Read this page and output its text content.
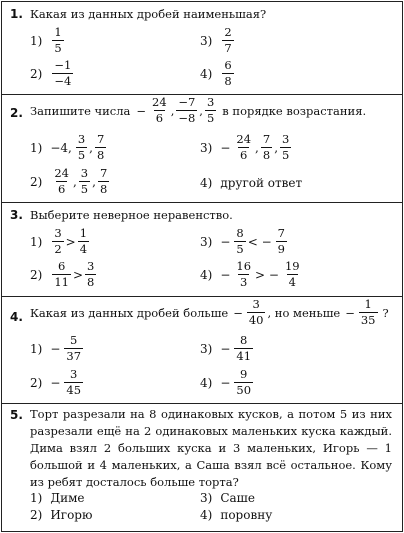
1. Какая из данных дробей наименьшая?
$1) \frac{1}{5}$
$2) \frac{-1}{-4}$
$3) \frac{2}{7}$
$4) \frac{6}{8}$
2. Запишите числа − $\frac{24}{6}$ , $\frac{-7}{-8}$ , $\frac{3}{5}$ в порядке возрастания.
1) −4, $\frac{3}{5}$ , $\frac{7}{8}$
$2) \frac{24}{6}$ , $\frac{3}{5}$ , $\frac{7}{8}$
$3) - \frac{24}{6}$ , $\frac{7}{8}$ , $\frac{3}{5}$
4) другой ответ
3. Выберите неверное неравенство.
$1) \frac{3}{2} > \frac{1}{4}$
$2) \frac{6}{11} > \frac{3}{8}$
$3) - \frac{8}{5}$ < − $\frac{7}{9}$
$4) - \frac{16}{3}$ > − $\frac{19}{4}$
4. Какая из данных дробей больше − $\frac{3}{40}$ , но меньше − $\frac{1}{35}$ ?
$1) - \frac{5}{37}$
$2) - \frac{3}{45}$
$3) - \frac{8}{41}$
$4) - \frac{9}{50}$
5. Торт разрезали на 8 одинаковых кусков, а потом 5 из них разрезали ещё на 2 одинаковых маленьких куска каждый. Дима взял 2 больших куска и 3 маленьких, Игорь — 1 большой и 4 маленьких, а Саша взял всё остальное. Кому из ребят досталось больше торта?
1) Диме
2) Игорю
3) Саше
4) поровну
